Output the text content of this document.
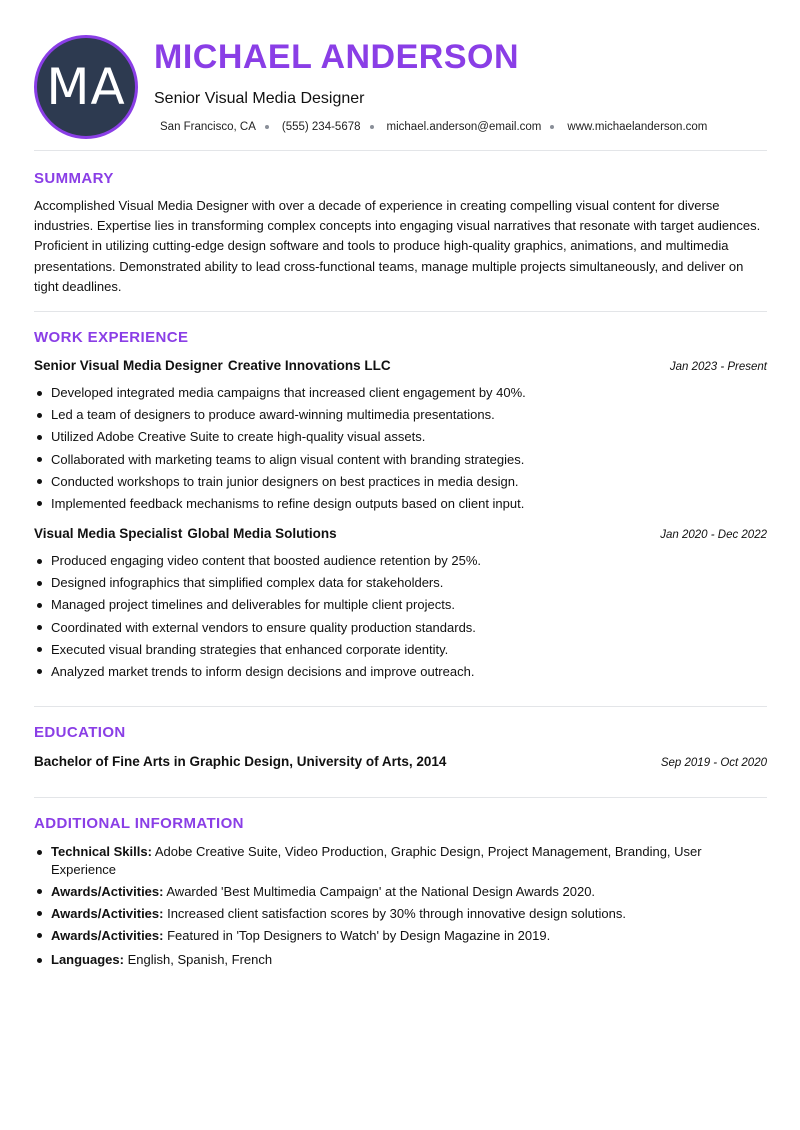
MA
MICHAEL ANDERSON
Senior Visual Media Designer
San Francisco, CA (555) 234-5678 michael.anderson@email.com www.michaelanderson.com
SUMMARY
Accomplished Visual Media Designer with over a decade of experience in creating compelling visual content for diverse industries. Expertise lies in transforming complex concepts into engaging visual narratives that resonate with target audiences. Proficient in utilizing cutting-edge design software and tools to produce high-quality graphics, animations, and multimedia presentations. Demonstrated ability to lead cross-functional teams, manage multiple projects simultaneously, and deliver on tight deadlines.
WORK EXPERIENCE
Senior Visual Media Designer Creative Innovations LLC	Jan 2023 - Present
Developed integrated media campaigns that increased client engagement by 40%.
Led a team of designers to produce award-winning multimedia presentations.
Utilized Adobe Creative Suite to create high-quality visual assets.
Collaborated with marketing teams to align visual content with branding strategies.
Conducted workshops to train junior designers on best practices in media design.
Implemented feedback mechanisms to refine design outputs based on client input.
Visual Media Specialist Global Media Solutions	Jan 2020 - Dec 2022
Produced engaging video content that boosted audience retention by 25%.
Designed infographics that simplified complex data for stakeholders.
Managed project timelines and deliverables for multiple client projects.
Coordinated with external vendors to ensure quality production standards.
Executed visual branding strategies that enhanced corporate identity.
Analyzed market trends to inform design decisions and improve outreach.
EDUCATION
Bachelor of Fine Arts in Graphic Design, University of Arts, 2014	Sep 2019 - Oct 2020
ADDITIONAL INFORMATION
Technical Skills: Adobe Creative Suite, Video Production, Graphic Design, Project Management, Branding, User Experience
Awards/Activities: Awarded 'Best Multimedia Campaign' at the National Design Awards 2020.
Awards/Activities: Increased client satisfaction scores by 30% through innovative design solutions.
Awards/Activities: Featured in 'Top Designers to Watch' by Design Magazine in 2019.
Languages: English, Spanish, French
